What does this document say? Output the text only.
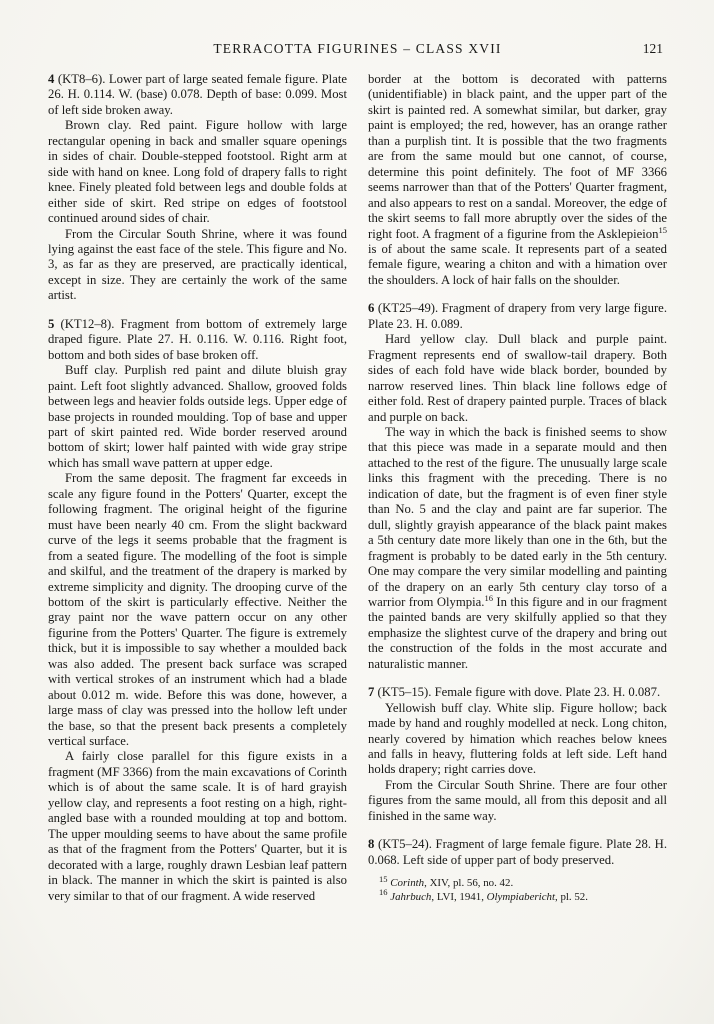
TERRACOTTA FIGURINES – CLASS XVII	121

4 (KT8–6). Lower part of large seated female figure. Plate 26. H. 0.114. W. (base) 0.078. Depth of base: 0.099. Most of left side broken away.

Brown clay. Red paint. Figure hollow with large rectangular opening in back and smaller square openings in sides of chair. Double-stepped footstool. Right arm at side with hand on knee. Long fold of drapery falls to right knee. Finely pleated fold between legs and double folds at either side of skirt. Red stripe on edges of footstool continued around sides of chair.

From the Circular South Shrine, where it was found lying against the east face of the stele. This figure and No. 3, as far as they are preserved, are practically identical, except in size. They are certainly the work of the same artist.

5 (KT12–8). Fragment from bottom of extremely large draped figure. Plate 27. H. 0.116. W. 0.116. Right foot, bottom and both sides of base broken off.

Buff clay. Purplish red paint and dilute bluish gray paint. Left foot slightly advanced. Shallow, grooved folds between legs and heavier folds outside legs. Upper edge of base projects in rounded moulding. Top of base and upper part of skirt painted red. Wide border reserved around bottom of skirt; lower half painted with wide gray stripe which has small wave pattern at upper edge.

From the same deposit. The fragment far exceeds in scale any figure found in the Potters' Quarter, except the following fragment. The original height of the figurine must have been nearly 40 cm. From the slight backward curve of the legs it seems probable that the fragment is from a seated figure. The modelling of the foot is simple and skilful, and the treatment of the drapery is marked by extreme simplicity and dignity. The drooping curve of the bottom of the skirt is particularly effective. Neither the gray paint nor the wave pattern occur on any other figurine from the Potters' Quarter. The figure is extremely thick, but it is impossible to say whether a moulded back was also added. The present back surface was scraped with vertical strokes of an instrument which had a blade about 0.012 m. wide. Before this was done, however, a large mass of clay was pressed into the hollow left under the base, so that the present back presents a completely vertical surface.

A fairly close parallel for this figure exists in a fragment (MF 3366) from the main excavations of Corinth which is of about the same scale. It is of hard grayish yellow clay, and represents a foot resting on a high, right-angled base with a rounded moulding at top and bottom. The upper moulding seems to have about the same profile as that of the fragment from the Potters' Quarter, but it is decorated with a large, roughly drawn Lesbian leaf pattern in black. The manner in which the skirt is painted is also very similar to that of our fragment. A wide reserved

border at the bottom is decorated with patterns (unidentifiable) in black paint, and the upper part of the skirt is painted red. A somewhat similar, but darker, gray paint is employed; the red, however, has an orange rather than a purplish tint. It is possible that the two fragments are from the same mould but one cannot, of course, determine this point definitely. The foot of MF 3366 seems narrower than that of the Potters' Quarter fragment, and also appears to rest on a sandal. Moreover, the edge of the skirt seems to fall more abruptly over the sides of the right foot. A fragment of a figurine from the Asklepieion$^{15}$ is of about the same scale. It represents part of a seated female figure, wearing a chiton and with a himation over the shoulders. A lock of hair falls on the shoulder.

6 (KT25–49). Fragment of drapery from very large figure. Plate 23. H. 0.089.

Hard yellow clay. Dull black and purple paint. Fragment represents end of swallow-tail drapery. Both sides of each fold have wide black border, bounded by narrow reserved lines. Thin black line follows edge of either fold. Rest of drapery painted purple. Traces of black and purple on back.

The way in which the back is finished seems to show that this piece was made in a separate mould and then attached to the rest of the figure. The unusually large scale links this fragment with the preceding. There is no indication of date, but the fragment is of even finer style than No. 5 and the clay and paint are far superior. The dull, slightly grayish appearance of the black paint makes a 5th century date more likely than one in the 6th, but the fragment is probably to be dated early in the 5th century. One may compare the very similar modelling and painting of the drapery on an early 5th century clay torso of a warrior from Olympia.$^{16}$ In this figure and in our fragment the painted bands are very skilfully applied so that they emphasize the slightest curve of the drapery and bring out the construction of the folds in the most accurate and naturalistic manner.

7 (KT5–15). Female figure with dove. Plate 23. H. 0.087.

Yellowish buff clay. White slip. Figure hollow; back made by hand and roughly modelled at neck. Long chiton, nearly covered by himation which reaches below knees and falls in heavy, fluttering folds at left side. Left hand holds drapery; right carries dove.

From the Circular South Shrine. There are four other figures from the same mould, all from this deposit and all finished in the same way.

8 (KT5–24). Fragment of large female figure. Plate 28. H. 0.068. Left side of upper part of body preserved.

$^{15}$ Corinth, XIV, pl. 56, no. 42.

$^{16}$ Jahrbuch, LVI, 1941, Olympiabericht, pl. 52.
